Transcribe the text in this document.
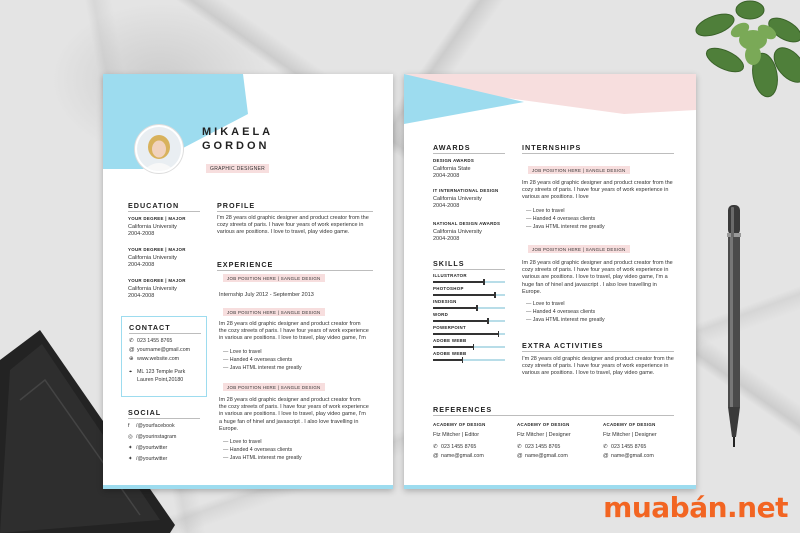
MIKAELA
GORDON
GRAPHIC DESIGNER
EDUCATION
YOUR DEGREE | MAJOR
California University
2004-2008
YOUR DEGREE | MAJOR
California University
2004-2008
YOUR DEGREE | MAJOR
California University
2004-2008
CONTACT
✆ 023 1455 8765
@ yourname@gmail.com
⊕ www.website.com
⌖ ML 123 Temple Park
Lauren Point,20180
SOCIAL
f /@yourfacebook
◎ /@yourinstagram
✦ /@yourtwitter
✦ /@yourtwitter
PROFILE
I'm 28 years old graphic designer and product creator from the cozy streets of paris. I have four years of work experience in various are positions. I love to travel, play video game.
EXPERIENCE
JOB POSITION HERE | SANGLE DESIGN
Internship July 2012 - September 2013
JOB POSITION HERE | SANGLE DESIGN
Im 28 years old graphic designer and product creator from the cozy streets of paris. I have four years of work experience in various are positions. I love to travel, play video game, I'm
— Love to travel
— Handed 4 overseas clients
— Java HTML interest me greatly
JOB POSITION HERE | SANGLE DESIGN
Im 28 years old graphic designer and product creator from the cozy streets of paris. I have four years of work experience in various are positions. I love to travel, play video game, I'm a huge fan of hinel and javascript . I also love travelling in Europe.
— Love to travel
— Handed 4 overseas clients
— Java HTML interest me greatly
AWARDS
DESIGN AWARDS
California State
2004-2008
IT INTERNATIONAL DESIGN
California University
2004-2008
NATIONAL DESIGN AWARDS
California University
2004-2008
SKILLS
ILLUSTRATOR
PHOTOSHOP
INDESIGN
WORD
POWERPOINT
ADOBE WEBB
ADOBE WEBB
INTERNSHIPS
JOB POSITION HERE | SANGLE DESIGN
Im 28 years old graphic designer and product creator from the cozy streets of paris. I have four years of work experience in various are positions. I love
— Love to travel
— Handed 4 overseas clients
— Java HTML interest me greatly
JOB POSITION HERE | SANGLE DESIGN
Im 28 years old graphic designer and product creator from the cozy streets of paris. I have four years of work experience in various are positions. I love to travel, play video game, I'm a huge fan of hinel and javascript . I also love travelling in Europe.
— Love to travel
— Handed 4 overseas clients
— Java HTML interest me greatly
EXTRA ACTIVITIES
I'm 28 years old graphic designer and product creator from the cozy streets of paris. I have four years of work experience in various are positions. I love to travel, play video game.
REFERENCES
ACADEMY OF DESIGN
Ftz Mitcher | Editor
✆ 023 1455 8765
@ name@gmail.com
ACADEMY OF DESIGN
Ftz Mitcher | Designer
✆ 023 1455 8765
@ name@gmail.com
ACADEMY OF DESIGN
Ftz Mitcher | Designer
✆ 023 1455 8765
@ name@gmail.com
muabán.net
